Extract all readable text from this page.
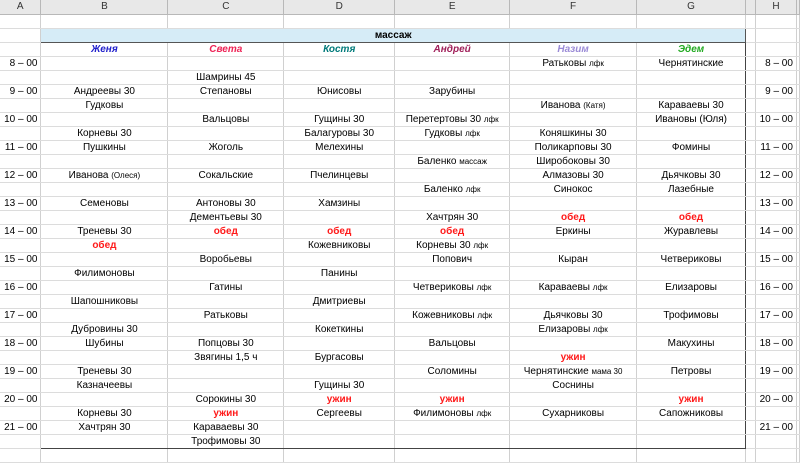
A	B	C	D	E	F	G		H	

	массаж								
	Женя	Света	Костя	Андрей	Назим	Эдем			
8 – 00					Ратьковы лфк	Чернятинские		8 – 00	
		Шамрины 45							
9 – 00	Андреевы 30	Степановы	Юнисовы	Зарубины				9 – 00	
	Гудковы				Иванова (Катя)	Караваевы 30			
10 – 00		Вальцовы	Гущины 30	Перетертовы 30 лфк		Ивановы (Юля)		10 – 00	
	Корневы 30		Балагуровы 30	Гудковы лфк	Коняшкины 30				
11 – 00	Пушкины	Жоголь	Мелехины		Поликарповы 30	Фомины		11 – 00	
				Баленко массаж	Широбоковы 30				
12 – 00	Иванова (Олеся)	Сокальские	Пчелинцевы		Алмазовы 30	Дьячковы 30		12 – 00	
				Баленко лфк	Синокос	Лазебные			
13 – 00	Семеновы	Антоновы 30	Хамзины					13 – 00	
		Дементьевы 30		Хачтрян 30	обед	обед			
14 – 00	Треневы 30	обед	обед	обед	Еркины	Журавлевы		14 – 00	
	обед		Кожевниковы	Корневы 30 лфк					
15 – 00		Воробьевы		Попович	Кыран	Четвериковы		15 – 00	
	Филимоновы		Панины						
16 – 00		Гатины		Четвериковы лфк	Караваевы лфк	Елизаровы		16 – 00	
	Шапошниковы		Дмитриевы						
17 – 00		Ратьковы		Кожевниковы лфк	Дьячковы 30	Трофимовы		17 – 00	
	Дубровины 30		Кокеткины		Елизаровы лфк				
18 – 00	Шубины	Попцовы 30		Вальцовы		Макухины		18 – 00	
		Звягины 1,5 ч	Бургасовы		ужин				
19 – 00	Треневы 30			Соломины	Чернятинские мама 30	Петровы		19 – 00	
	Казначеевы		Гущины 30		Соснины				
20 – 00		Сорокины 30	ужин	ужин		ужин		20 – 00	
	Корневы 30	ужин	Сергеевы	Филимоновы лфк	Сухарниковы	Сапожниковы			
21 – 00	Хачтрян 30	Караваевы 30						21 – 00	
		Трофимовы 30							
